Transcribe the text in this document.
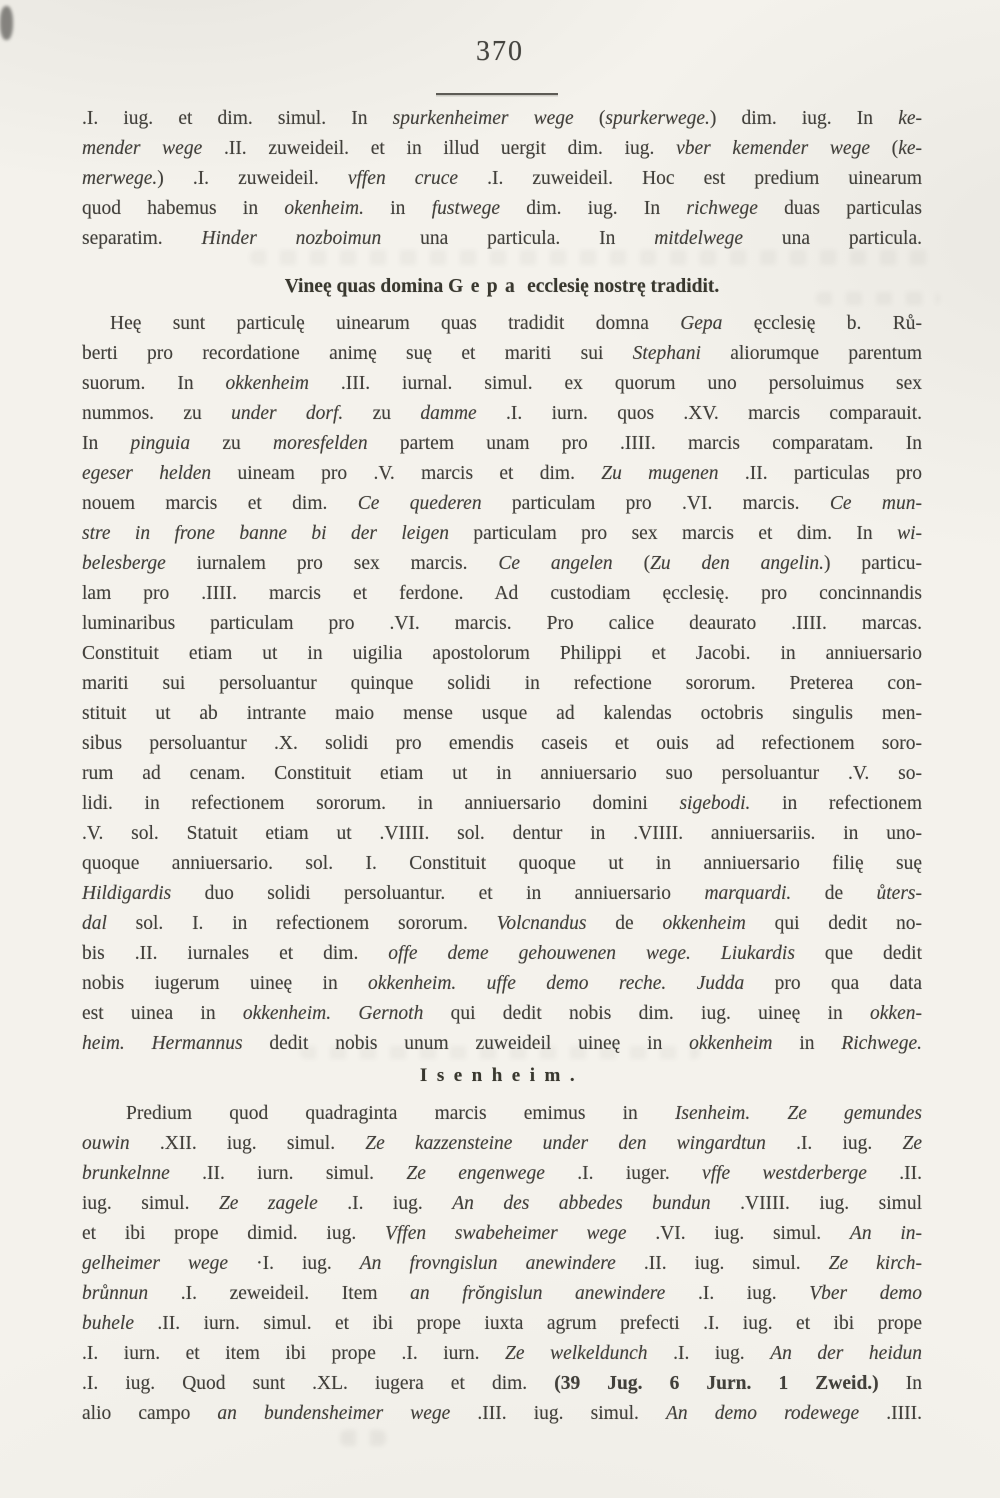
370
.I. iug. et dim. simul. In spurkenheimer wege (spurkerwege.) dim. iug. In ke-
mender wege .II. zuweideil. et in illud uergit dim. iug. vber kemender wege (ke-
merwege.) .I. zuweideil. vffen cruce .I. zuweideil. Hoc est predium uinearum
quod habemus in okenheim. in fustwege dim. iug. In richwege duas particulas
separatim. Hinder nozboimun una particula. In mitdelwege una particula.
Vineę quas domina Gepa ecclesię nostrę tradidit.
Heę sunt particulę uinearum quas tradidit domna Gepa ęcclesię b. Rů-
berti pro recordatione animę suę et mariti sui Stephani aliorumque parentum
suorum. In okkenheim .III. iurnal. simul. ex quorum uno persoluimus sex
nummos. zu under dorf. zu damme .I. iurn. quos .XV. marcis comparauit.
In pinguia zu moresfelden partem unam pro .IIII. marcis comparatam. In
egeser helden uineam pro .V. marcis et dim. Zu mugenen .II. particulas pro
nouem marcis et dim. Ce quederen particulam pro .VI. marcis. Ce mun-
stre in frone banne bi der leigen particulam pro sex marcis et dim. In wi-
belesberge iurnalem pro sex marcis. Ce angelen (Zu den angelin.) particu-
lam pro .IIII. marcis et ferdone. Ad custodiam ęcclesię. pro concinnandis
luminaribus particulam pro .VI. marcis. Pro calice deaurato .IIII. marcas.
Constituit etiam ut in uigilia apostolorum Philippi et Jacobi. in anniuersario
mariti sui persoluantur quinque solidi in refectione sororum. Preterea con-
stituit ut ab intrante maio mense usque ad kalendas octobris singulis men-
sibus persoluantur .X. solidi pro emendis caseis et ouis ad refectionem soro-
rum ad cenam. Constituit etiam ut in anniuersario suo persoluantur .V. so-
lidi. in refectionem sororum. in anniuersario domini sigebodi. in refectionem
.V. sol. Statuit etiam ut .VIIII. sol. dentur in .VIIII. anniuersariis. in uno-
quoque anniuersario. sol. I. Constituit quoque ut in anniuersario filię suę
Hildigardis duo solidi persoluantur. et in anniuersario marquardi. de ůters-
dal sol. I. in refectionem sororum. Volcnandus de okkenheim qui dedit no-
bis .II. iurnales et dim. offe deme gehouwenen wege. Liukardis que dedit
nobis iugerum uineę in okkenheim. uffe demo reche. Judda pro qua data
est uinea in okkenheim. Gernoth qui dedit nobis dim. iug. uineę in okken-
heim. Hermannus dedit nobis unum zuweideil uineę in okkenheim in Richwege.
Isenheim.
Predium quod quadraginta marcis emimus in Isenheim. Ze gemundes
ouwin .XII. iug. simul. Ze kazzensteine under den wingardtun .I. iug. Ze
brunkelnne .II. iurn. simul. Ze engenwege .I. iuger. vffe westderberge .II.
iug. simul. Ze zagele .I. iug. An des abbedes bundun .VIIII. iug. simul
et ibi prope dimid. iug. Vffen swabeheimer wege .VI. iug. simul. An in-
gelheimer wege ·I. iug. An frovngislun anewindere .II. iug. simul. Ze kirch-
brůnnun .I. zeweideil. Item an frŏngislun anewindere .I. iug. Vber demo
buhele .II. iurn. simul. et ibi prope iuxta agrum prefecti .I. iug. et ibi prope
.I. iurn. et item ibi prope .I. iurn. Ze welkeldunch .I. iug. An der heidun
.I. iug. Quod sunt .XL. iugera et dim. (39 Jug. 6 Jurn. 1 Zweid.) In
alio campo an bundensheimer wege .III. iug. simul. An demo rodewege .IIII.
